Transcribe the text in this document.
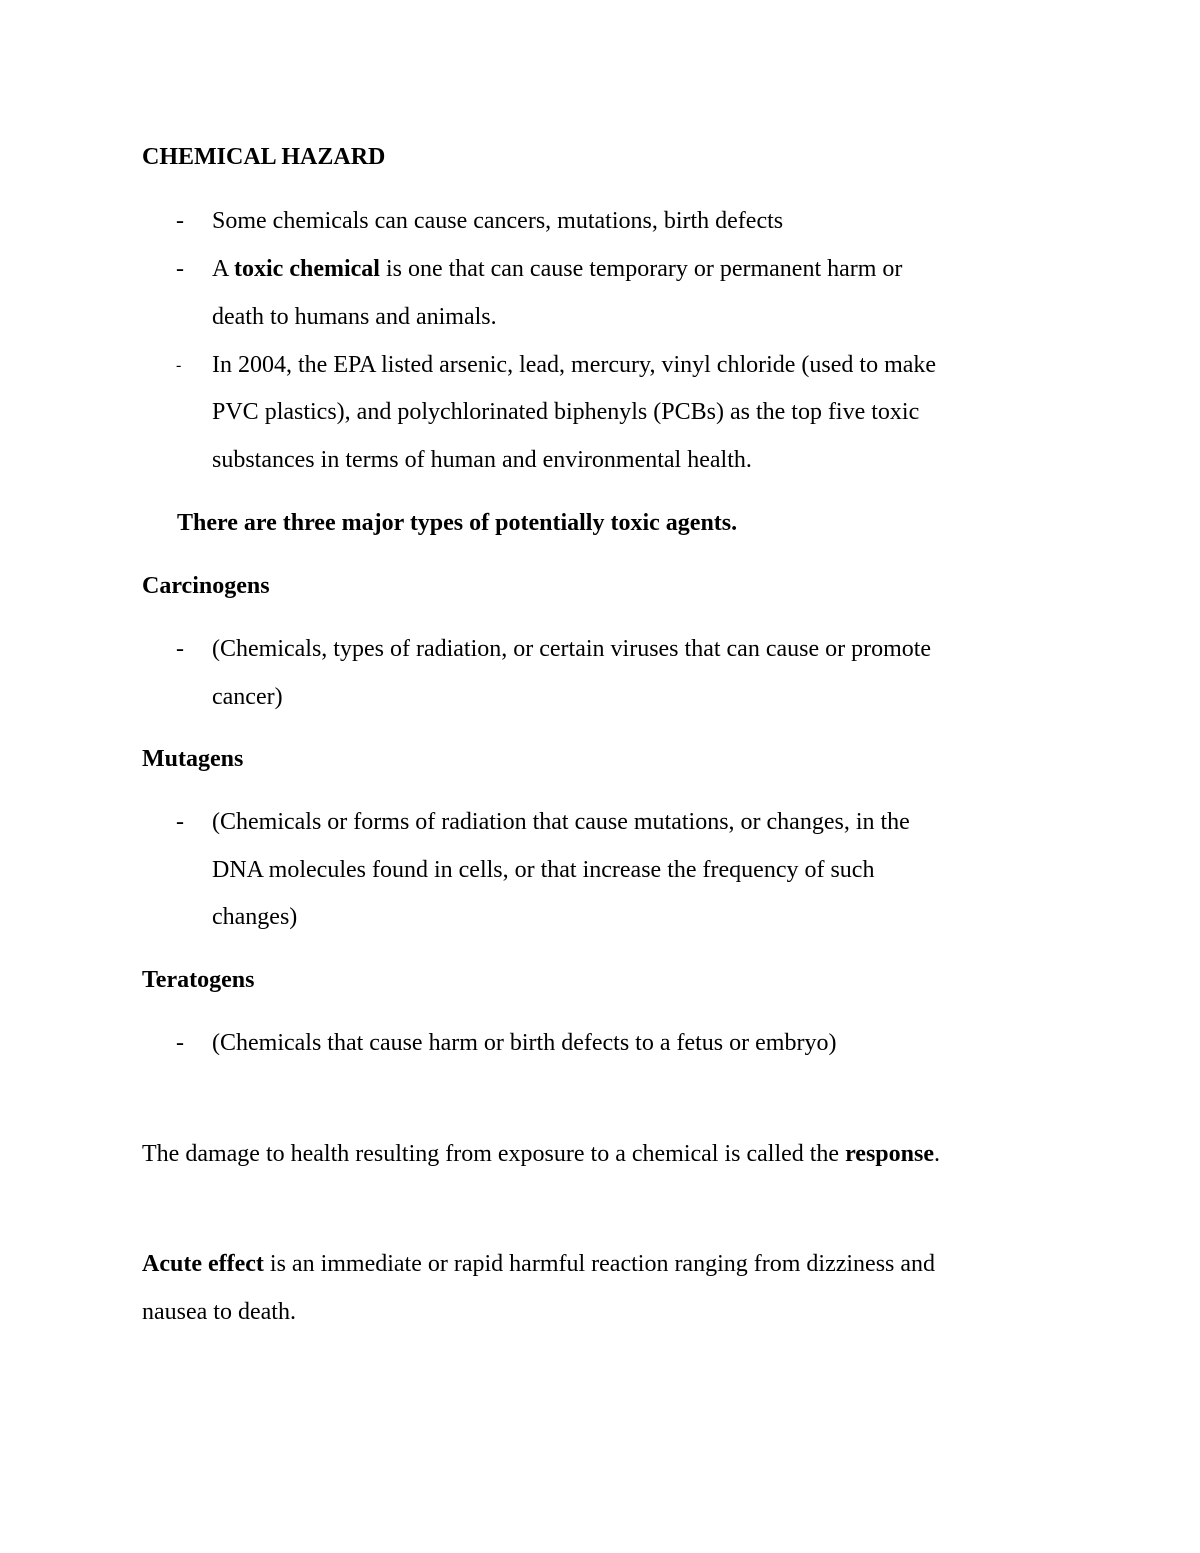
CHEMICAL HAZARD
-	Some chemicals can cause cancers, mutations, birth defects
-	A toxic chemical is one that can cause temporary or permanent harm or
death to humans and animals.
-	In 2004, the EPA listed arsenic, lead, mercury, vinyl chloride (used to make
PVC plastics), and polychlorinated biphenyls (PCBs) as the top five toxic
substances in terms of human and environmental health.
There are three major types of potentially toxic agents.
Carcinogens
-	(Chemicals, types of radiation, or certain viruses that can cause or promote
cancer)
Mutagens
-	(Chemicals or forms of radiation that cause mutations, or changes, in the
DNA molecules found in cells, or that increase the frequency of such
changes)
Teratogens
-	(Chemicals that cause harm or birth defects to a fetus or embryo)
The damage to health resulting from exposure to a chemical is called the response.
Acute effect is an immediate or rapid harmful reaction ranging from dizziness and
nausea to death.
